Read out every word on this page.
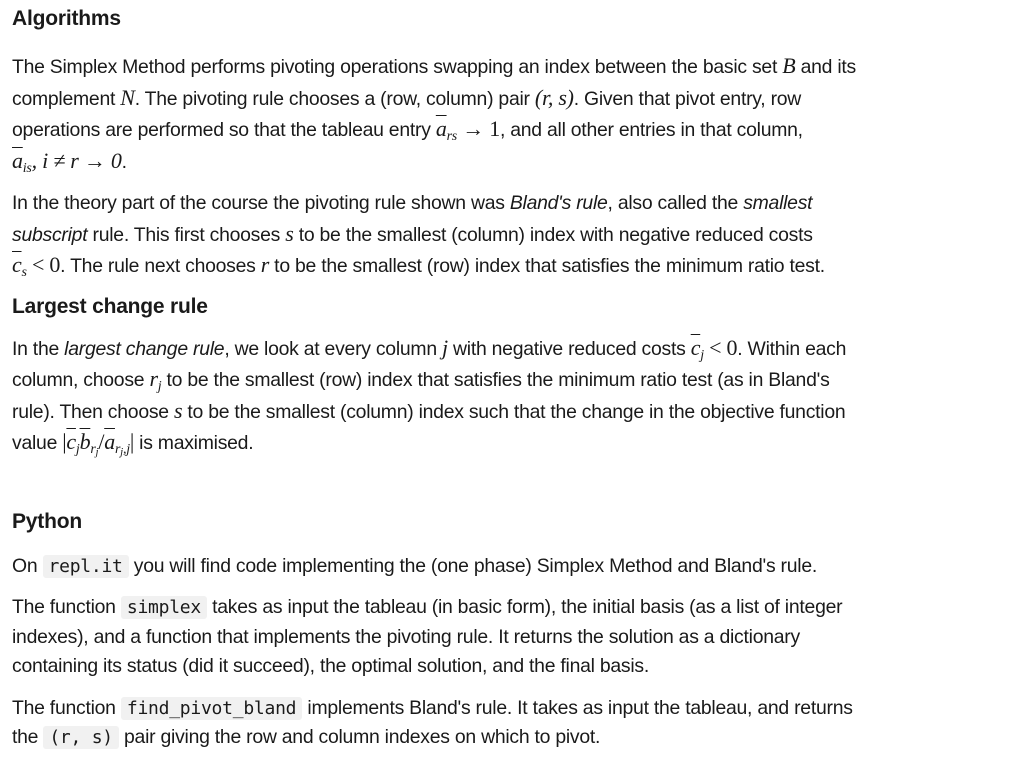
Algorithms

The Simplex Method performs pivoting operations swapping an index between the basic set B and its
complement N. The pivoting rule chooses a (row, column) pair (r, s). Given that pivot entry, row
operations are performed so that the tableau entry $\overline{a}_{rs} \to 1$, and all other entries in that column,
$\overline{a}_{is}$, i ≠ r → 0.

In the theory part of the course the pivoting rule shown was Bland's rule, also called the smallest
subscript rule. This first chooses s to be the smallest (column) index with negative reduced costs
$\overline{c}_s < 0$. The rule next chooses r to be the smallest (row) index that satisfies the minimum ratio test.

Largest change rule

In the largest change rule, we look at every column j with negative reduced costs $\overline{c}_j < 0$. Within each
column, choose $r_j$ to be the smallest (row) index that satisfies the minimum ratio test (as in Bland's
rule). Then choose s to be the smallest (column) index such that the change in the objective function
value $|\overline{c}_j\overline{b}_{r_j}/\overline{a}_{r_j,j}|$ is maximised.

Python

On repl.it you will find code implementing the (one phase) Simplex Method and Bland's rule.

The function simplex takes as input the tableau (in basic form), the initial basis (as a list of integer
indexes), and a function that implements the pivoting rule. It returns the solution as a dictionary
containing its status (did it succeed), the optimal solution, and the final basis.

The function find_pivot_bland implements Bland's rule. It takes as input the tableau, and returns
the (r, s) pair giving the row and column indexes on which to pivot.
